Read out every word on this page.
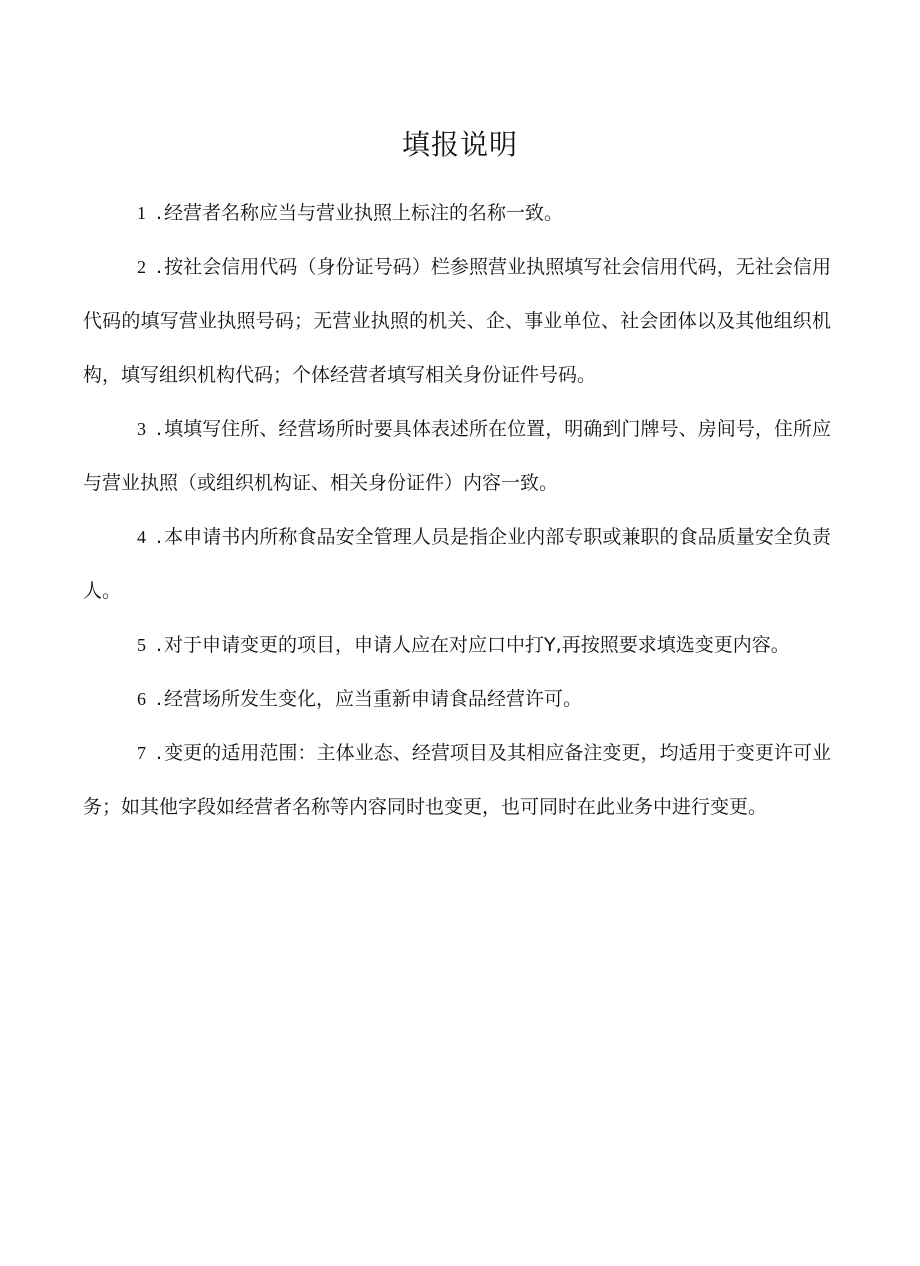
填报说明
1 . 经营者名称应当与营业执照上标注的名称一致。
2 . 按社会信用代码（身份证号码）栏参照营业执照填写社会信用代码，无社会信用代码的填写营业执照号码；无营业执照的机关、企、事业单位、社会团体以及其他组织机构，填写组织机构代码；个体经营者填写相关身份证件号码。
3 . 填填写住所、经营场所时要具体表述所在位置，明确到门牌号、房间号，住所应与营业执照（或组织机构证、相关身份证件）内容一致。
4 . 本申请书内所称食品安全管理人员是指企业内部专职或兼职的食品质量安全负责人。
5 . 对于申请变更的项目，申请人应在对应口中打Y,再按照要求填选变更内容。
6 . 经营场所发生变化，应当重新申请食品经营许可。
7 . 变更的适用范围：主体业态、经营项目及其相应备注变更，均适用于变更许可业务；如其他字段如经营者名称等内容同时也变更，也可同时在此业务中进行变更。
